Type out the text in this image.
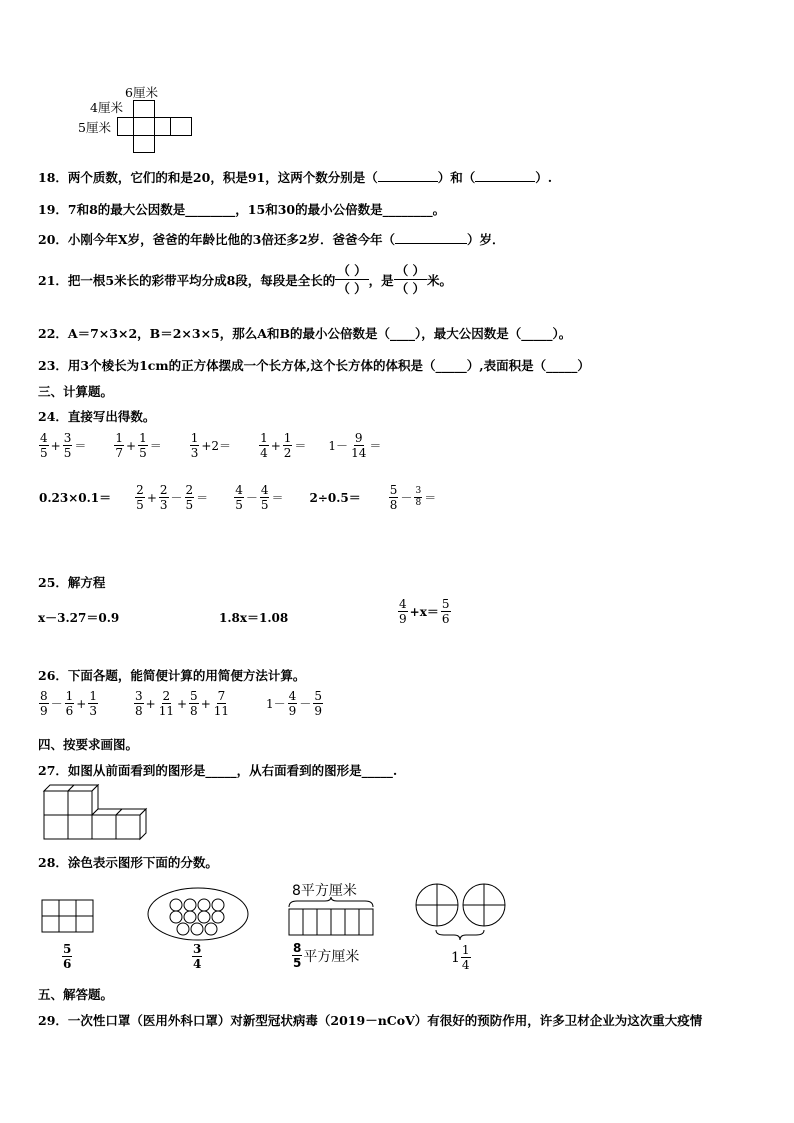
6厘米
4厘米
5厘米
18．两个质数，它们的和是20，积是91，这两个数分别是（	）和（	）.
19．7和8的最大公因数是________，15和30的最小公倍数是________。
20．小刚今年X岁，爸爸的年龄比他的3倍还多2岁．爸爸今年（	）岁．
21． 把一根5米长的彩带平均分成8段，每段是全长的
（ ）
（ ）
，是
（ ）
（ ）
米。
22．A＝7×3×2，B＝2×3×5，那么A和B的最小公倍数是（____），最大公因数是（_____）。
23．用3个棱长为1cm的正方体摆成一个长方体,这个长方体的体积是（_____）,表面积是（_____）
三、计算题。
24．直接写出得数。
$\frac{4}{5} + \frac{3}{5} = \frac{1}{7} + \frac{1}{5} = \frac{1}{3} +2= \frac{1}{4} + \frac{1}{2} = 1- \frac{9}{14}$ ＝
$0.23\times 0.1= \frac{2}{5} + \frac{2}{3} - \frac{2}{5} = \frac{4}{5} - \frac{4}{5} = 2\div 0.5= \frac{5}{8} - \frac{3}{8}$ ＝
25．解方程
x－3.27＝0.9	1.8x＝1.08	$\frac{4}{9} +x= \frac{5}{6}$
26．下面各题，能简便计算的用简便方法计算。
$\frac{8}{9} - \frac{1}{6} + \frac{1}{3}$	$\frac{3}{8} + \frac{2}{11} + \frac{5}{8} + \frac{7}{11}$	$1- \frac{4}{9} - \frac{5}{9}$
四、按要求画图。
27．如图从前面看到的图形是_____，从右面看到的图形是_____.
28．涂色表示图形下面的分数。
$\frac{5}{6}$	$\frac{3}{4}$
8平方厘米
$\frac{8}{5}$ 平方厘米	$1 \frac{1}{4}$
五、解答题。
29．一次性口罩（医用外科口罩）对新型冠状病毒（2019－nCoV）有很好的预防作用，许多卫材企业为这次重大疫情
